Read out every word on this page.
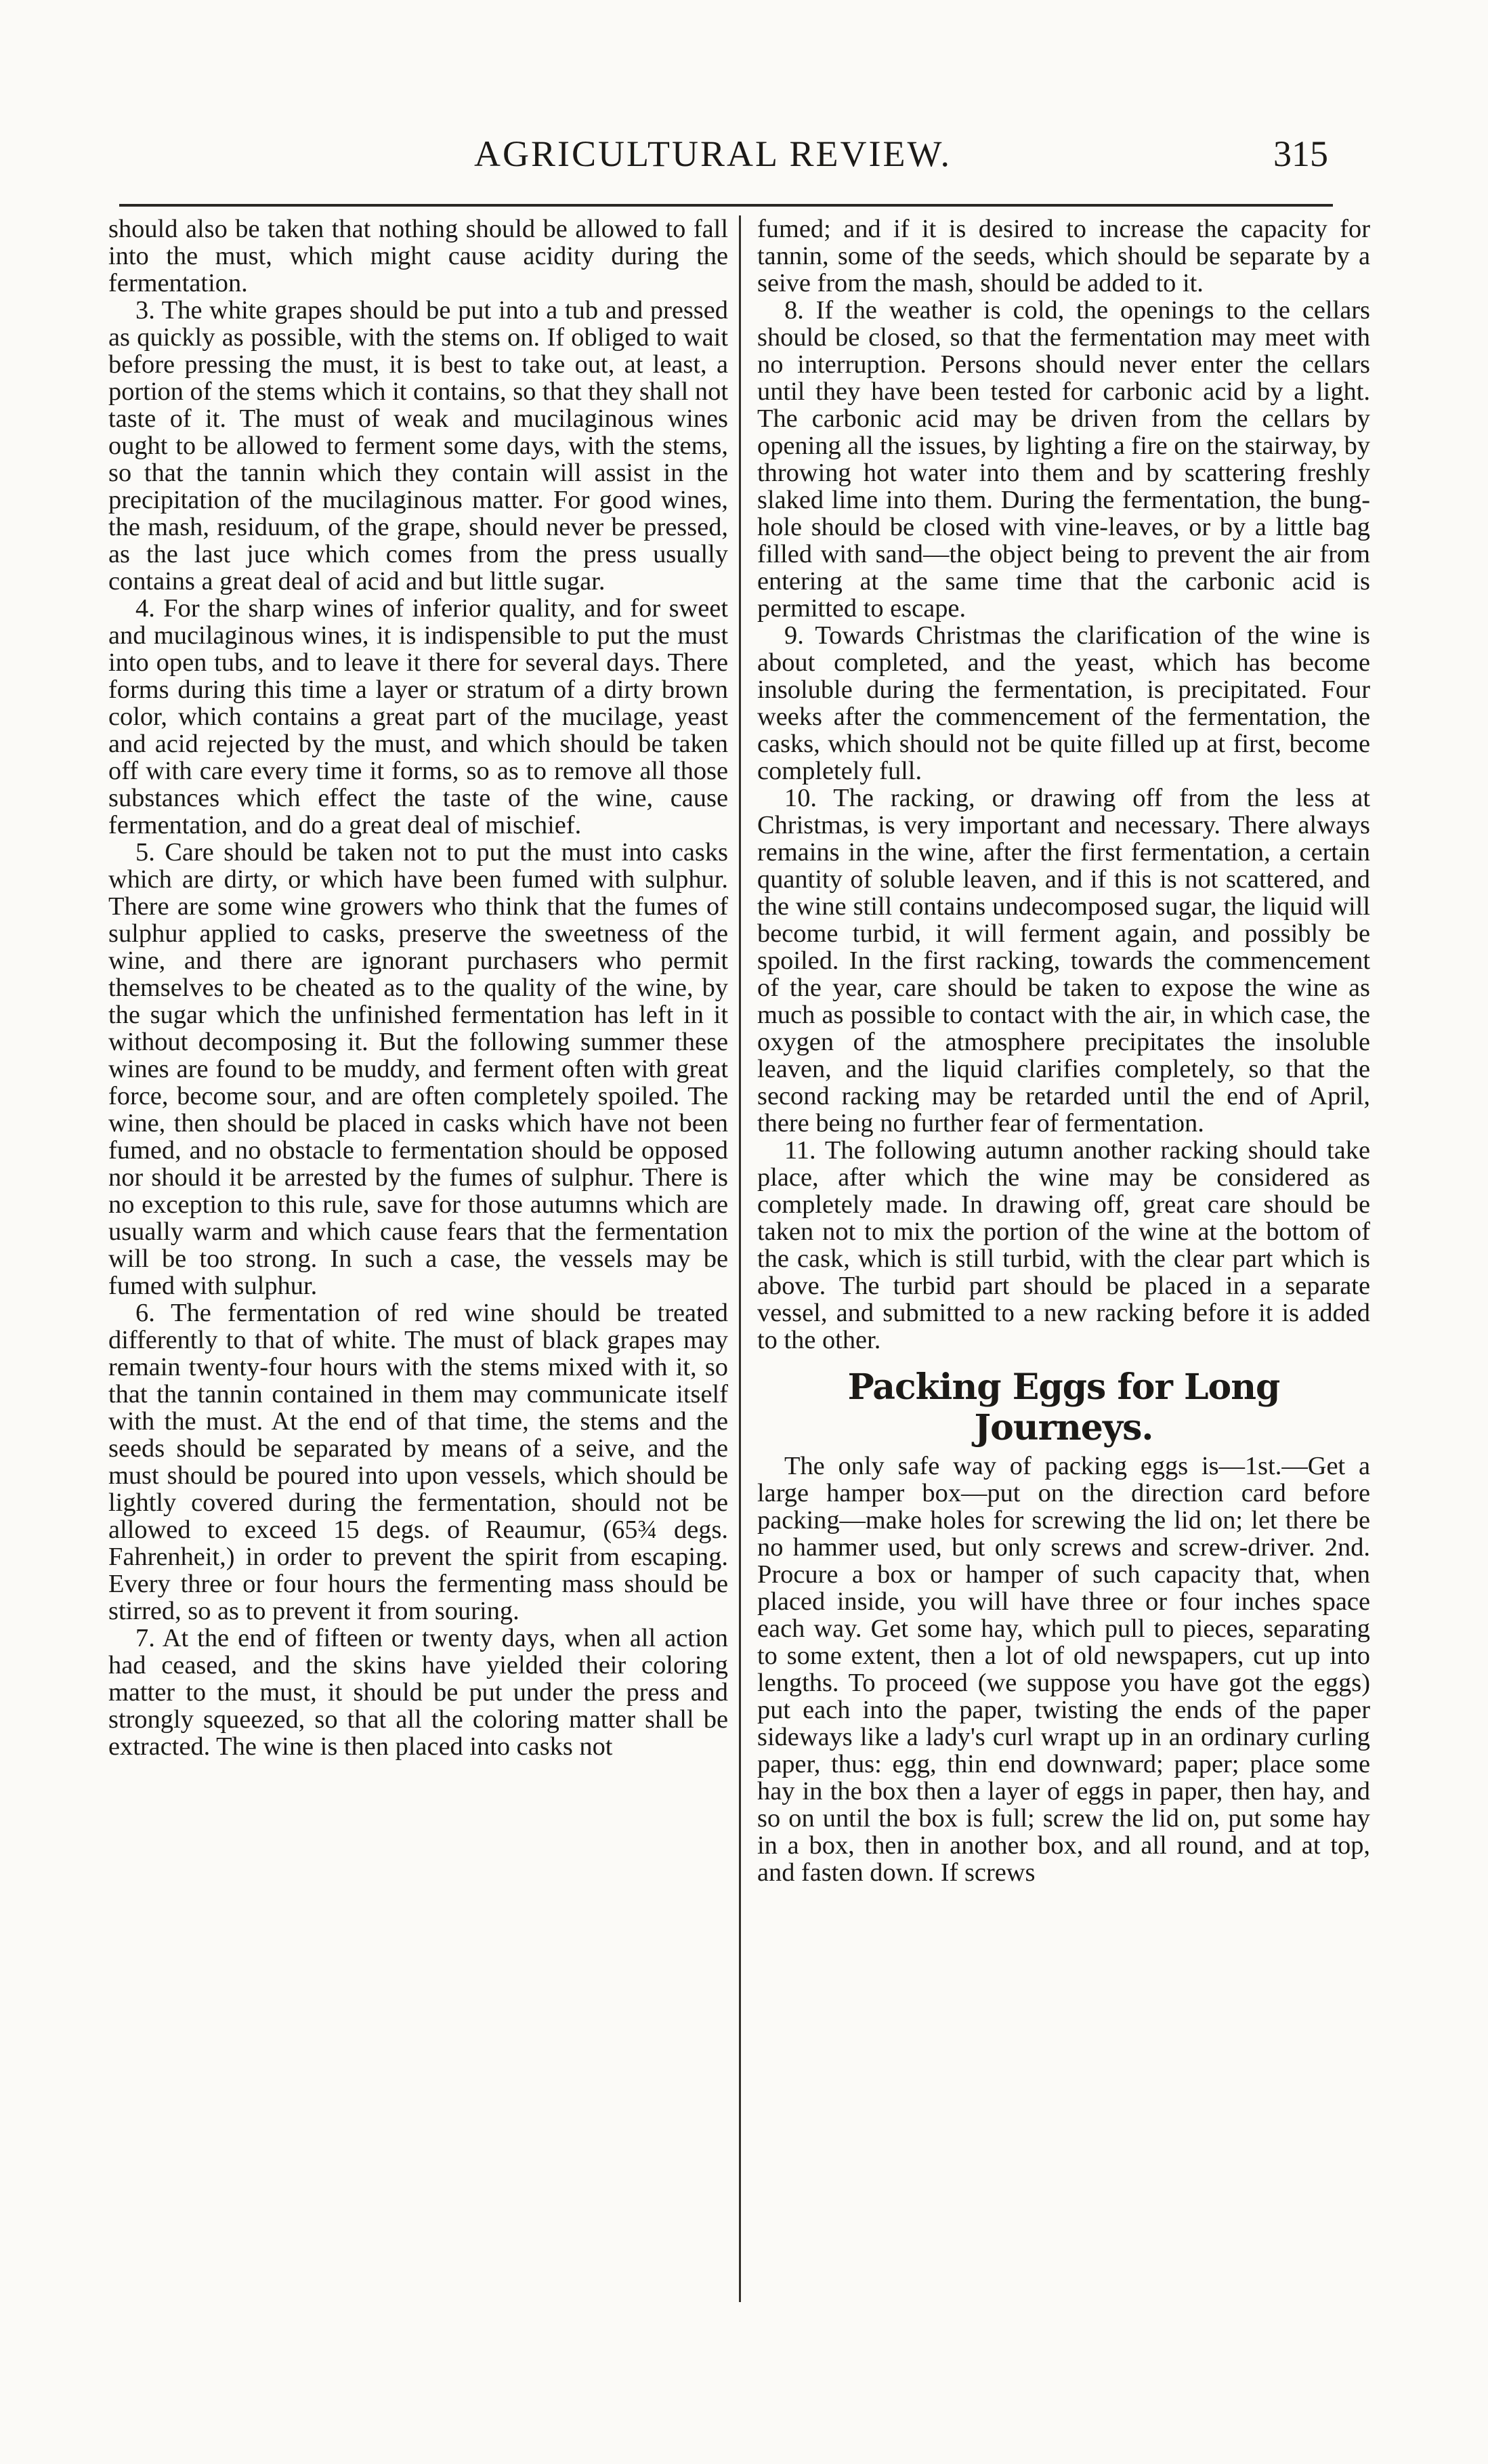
AGRICULTURAL REVIEW.	315

should also be taken that nothing should be allowed to fall into the must, which might cause acidity during the fermentation.

3. The white grapes should be put into a tub and pressed as quickly as possible, with the stems on. If obliged to wait before pressing the must, it is best to take out, at least, a portion of the stems which it contains, so that they shall not taste of it. The must of weak and mucilaginous wines ought to be allowed to ferment some days, with the stems, so that the tannin which they contain will assist in the precipitation of the mucilaginous matter. For good wines, the mash, residuum, of the grape, should never be pressed, as the last juce which comes from the press usually contains a great deal of acid and but little sugar.

4. For the sharp wines of inferior quality, and for sweet and mucilaginous wines, it is indispensible to put the must into open tubs, and to leave it there for several days. There forms during this time a layer or stratum of a dirty brown color, which contains a great part of the mucilage, yeast and acid rejected by the must, and which should be taken off with care every time it forms, so as to remove all those substances which effect the taste of the wine, cause fermentation, and do a great deal of mischief.

5. Care should be taken not to put the must into casks which are dirty, or which have been fumed with sulphur. There are some wine growers who think that the fumes of sulphur applied to casks, preserve the sweetness of the wine, and there are ignorant purchasers who permit themselves to be cheated as to the quality of the wine, by the sugar which the unfinished fermentation has left in it without decomposing it. But the following summer these wines are found to be muddy, and ferment often with great force, become sour, and are often completely spoiled. The wine, then should be placed in casks which have not been fumed, and no obstacle to fermentation should be opposed nor should it be arrested by the fumes of sulphur. There is no exception to this rule, save for those autumns which are usually warm and which cause fears that the fermentation will be too strong. In such a case, the vessels may be fumed with sulphur.

6. The fermentation of red wine should be treated differently to that of white. The must of black grapes may remain twenty-four hours with the stems mixed with it, so that the tannin contained in them may communicate itself with the must. At the end of that time, the stems and the seeds should be separated by means of a seive, and the must should be poured into upon vessels, which should be lightly covered during the fermentation, should not be allowed to exceed 15 degs. of Reaumur, (65¾ degs. Fahrenheit,) in order to prevent the spirit from escaping. Every three or four hours the fermenting mass should be stirred, so as to prevent it from souring.

7. At the end of fifteen or twenty days, when all action had ceased, and the skins have yielded their coloring matter to the must, it should be put under the press and strongly squeezed, so that all the coloring matter shall be extracted. The wine is then placed into casks not

fumed; and if it is desired to increase the capacity for tannin, some of the seeds, which should be separate by a seive from the mash, should be added to it.

8. If the weather is cold, the openings to the cellars should be closed, so that the fermentation may meet with no interruption. Persons should never enter the cellars until they have been tested for carbonic acid by a light. The carbonic acid may be driven from the cellars by opening all the issues, by lighting a fire on the stairway, by throwing hot water into them and by scattering freshly slaked lime into them. During the fermentation, the bung-hole should be closed with vine-leaves, or by a little bag filled with sand—the object being to prevent the air from entering at the same time that the carbonic acid is permitted to escape.

9. Towards Christmas the clarification of the wine is about completed, and the yeast, which has become insoluble during the fermentation, is precipitated. Four weeks after the commencement of the fermentation, the casks, which should not be quite filled up at first, become completely full.

10. The racking, or drawing off from the less at Christmas, is very important and necessary. There always remains in the wine, after the first fermentation, a certain quantity of soluble leaven, and if this is not scattered, and the wine still contains undecomposed sugar, the liquid will become turbid, it will ferment again, and possibly be spoiled. In the first racking, towards the commencement of the year, care should be taken to expose the wine as much as possible to contact with the air, in which case, the oxygen of the atmosphere precipitates the insoluble leaven, and the liquid clarifies completely, so that the second racking may be retarded until the end of April, there being no further fear of fermentation.

11. The following autumn another racking should take place, after which the wine may be considered as completely made. In drawing off, great care should be taken not to mix the portion of the wine at the bottom of the cask, which is still turbid, with the clear part which is above. The turbid part should be placed in a separate vessel, and submitted to a new racking before it is added to the other.

Packing Eggs for Long Journeys.

The only safe way of packing eggs is—1st.—Get a large hamper box—put on the direction card before packing—make holes for screwing the lid on; let there be no hammer used, but only screws and screw-driver. 2nd. Procure a box or hamper of such capacity that, when placed inside, you will have three or four inches space each way. Get some hay, which pull to pieces, separating to some extent, then a lot of old newspapers, cut up into lengths. To proceed (we suppose you have got the eggs) put each into the paper, twisting the ends of the paper sideways like a lady's curl wrapt up in an ordinary curling paper, thus: egg, thin end downward; paper; place some hay in the box then a layer of eggs in paper, then hay, and so on until the box is full; screw the lid on, put some hay in a box, then in another box, and all round, and at top, and fasten down. If screws
